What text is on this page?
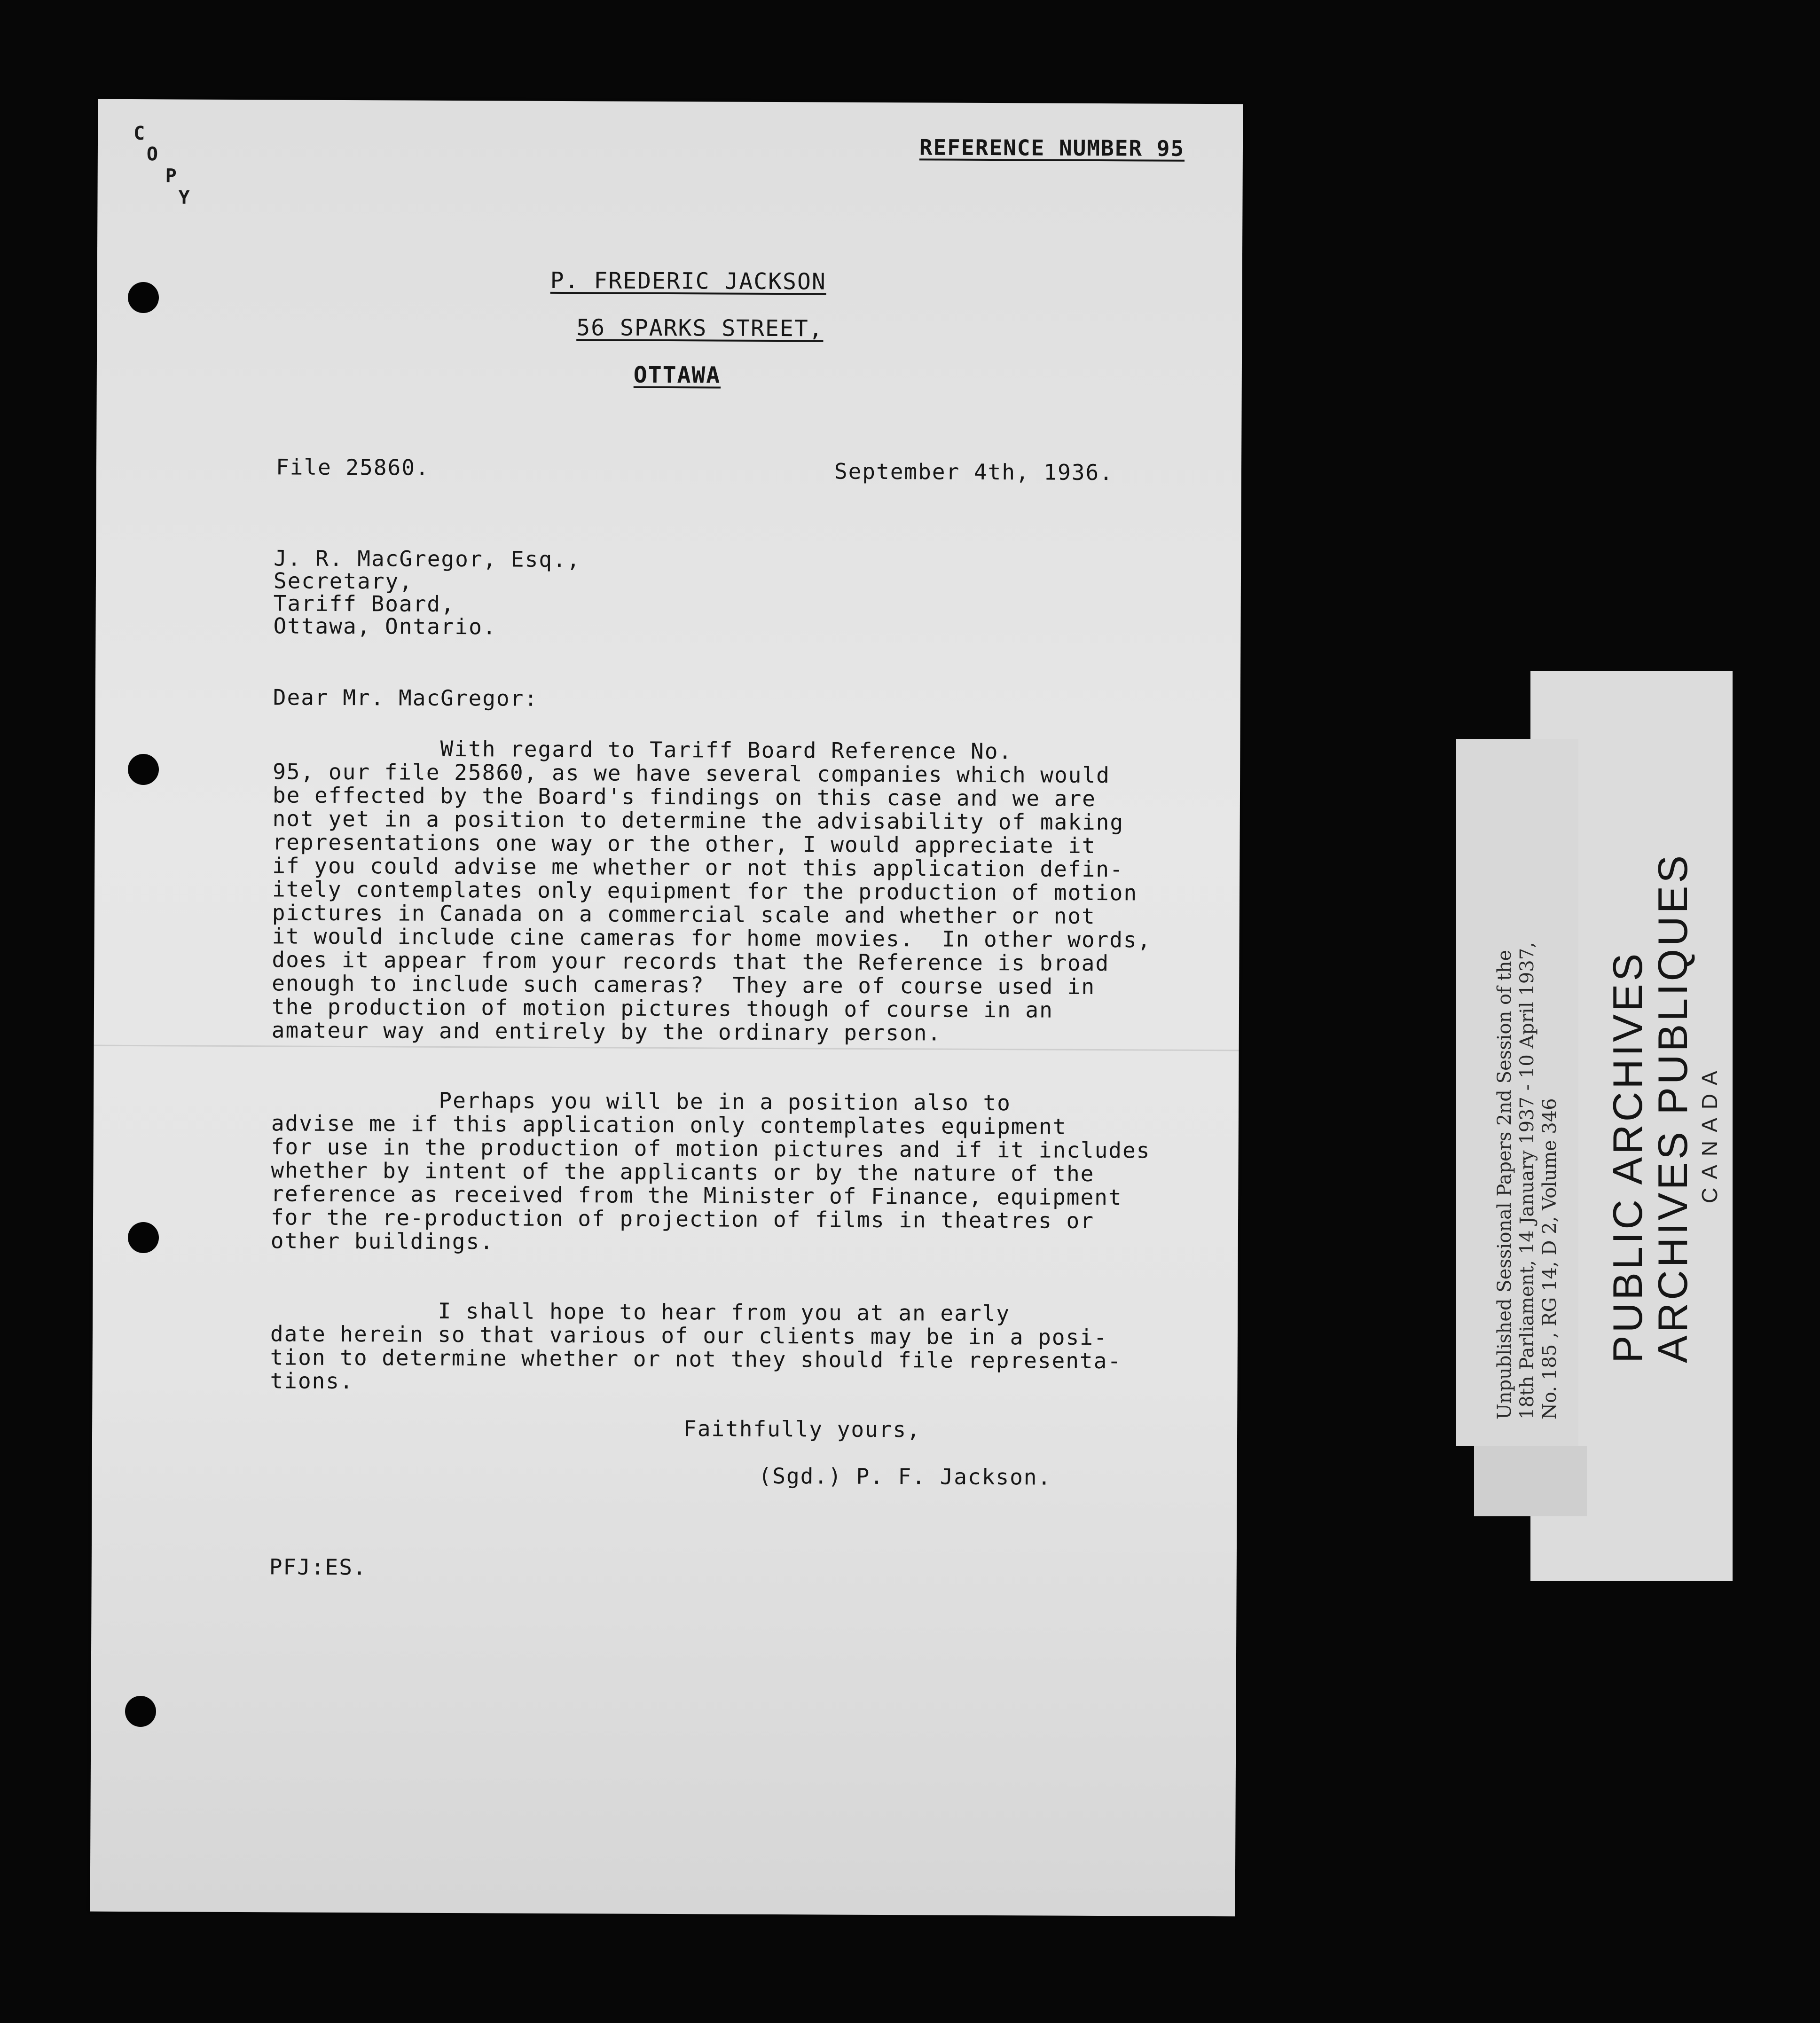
C
O
P
Y
REFERENCE NUMBER 95
P. FREDERIC JACKSON
56 SPARKS STREET,
OTTAWA
File 25860.	September 4th, 1936.
J. R. MacGregor, Esq.,
Secretary,
Tariff Board,
Ottawa, Ontario.
Dear Mr. MacGregor:
With regard to Tariff Board Reference No.
95, our file 25860, as we have several companies which would
be effected by the Board's findings on this case and we are
not yet in a position to determine the advisability of making
representations one way or the other, I would appreciate it
if you could advise me whether or not this application defin-
itely contemplates only equipment for the production of motion
pictures in Canada on a commercial scale and whether or not
it would include cine cameras for home movies.  In other words,
does it appear from your records that the Reference is broad
enough to include such cameras?  They are of course used in
the production of motion pictures though of course in an
amateur way and entirely by the ordinary person.
Perhaps you will be in a position also to
advise me if this application only contemplates equipment
for use in the production of motion pictures and if it includes
whether by intent of the applicants or by the nature of the
reference as received from the Minister of Finance, equipment
for the re-production of projection of films in theatres or
other buildings.
I shall hope to hear from you at an early
date herein so that various of our clients may be in a posi-
tion to determine whether or not they should file representa-
tions.
Faithfully yours,
(Sgd.) P. F. Jackson.
PFJ:ES.
Unpublished Sessional Papers 2nd Session of the 18th Parliament, 14 January 1937 - 10 April 1937, No. 185 , RG 14, D 2, Volume 346 PUBLIC ARCHIVES
ARCHIVES PUBLIQUES CANADA
